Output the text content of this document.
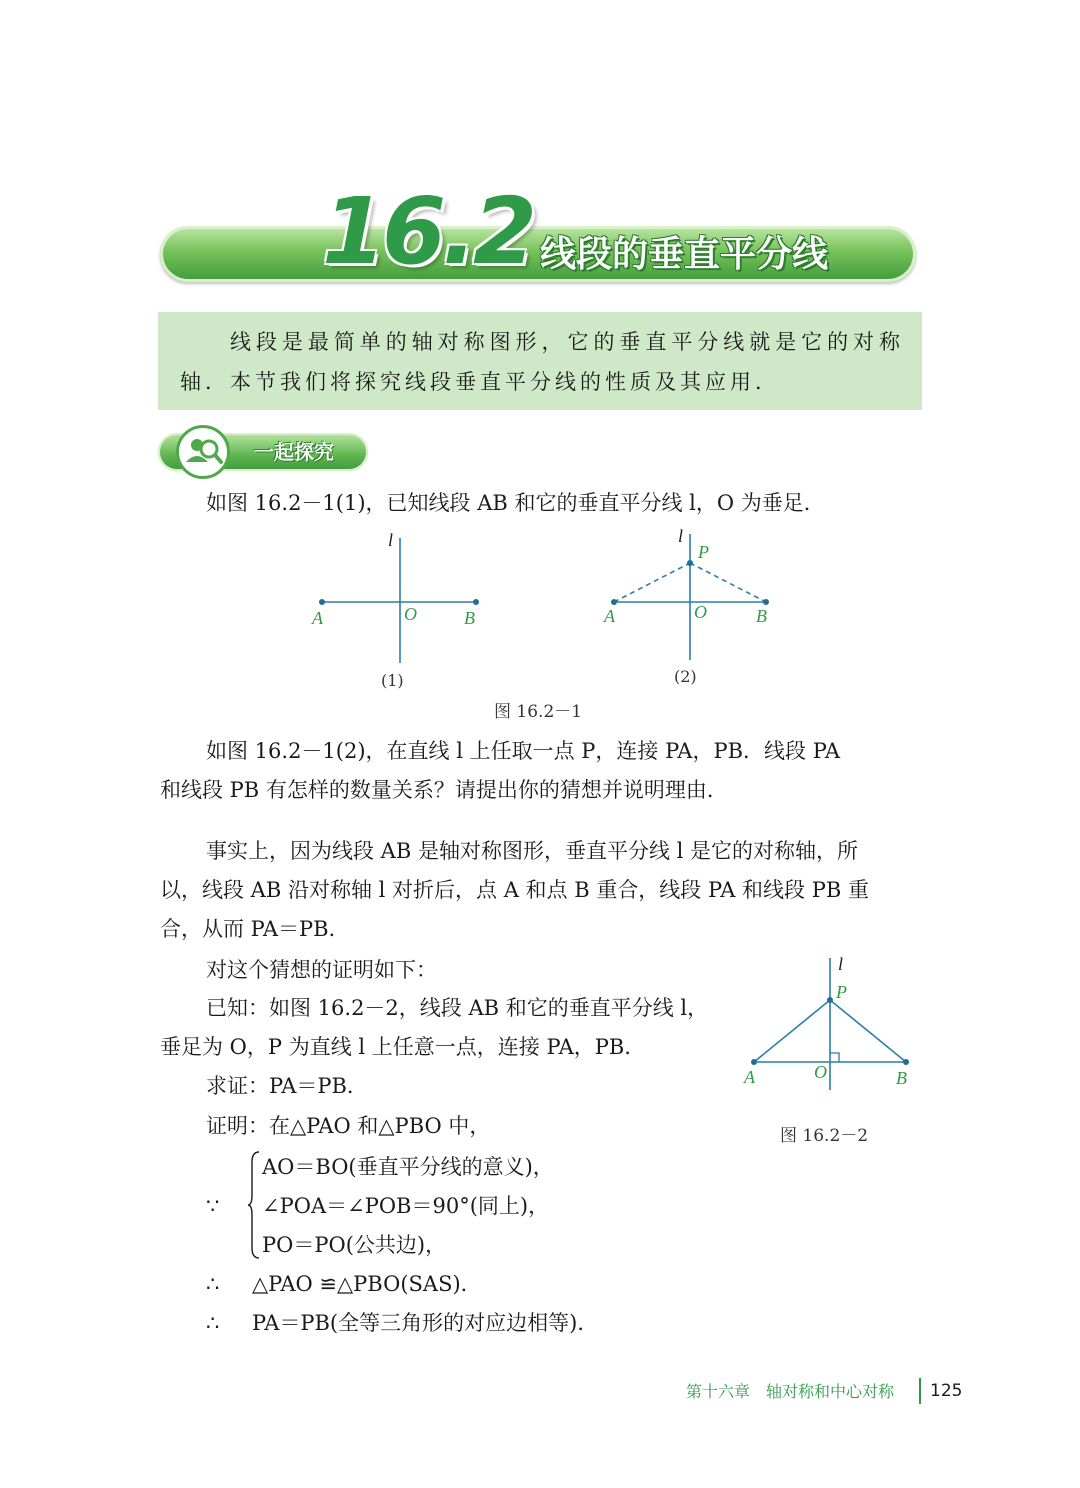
16.2 线段的垂直平分线
线段是最简单的轴对称图形，它的垂直平分线就是它的对称轴．本节我们将探究线段垂直平分线的性质及其应用．
一起探究
如图 16.2－1(1)，已知线段 AB 和它的垂直平分线 l，O 为垂足．
l
A	O	B
(1)
l
P
A	O	B
(2)
图 16.2－1
如图 16.2－1(2)，在直线 l 上任取一点 P，连接 PA，PB．线段 PA
和线段 PB 有怎样的数量关系？请提出你的猜想并说明理由．
事实上，因为线段 AB 是轴对称图形，垂直平分线 l 是它的对称轴，所
以，线段 AB 沿对称轴 l 对折后，点 A 和点 B 重合，线段 PA 和线段 PB 重
合，从而 PA＝PB．
对这个猜想的证明如下：
已知：如图 16.2－2，线段 AB 和它的垂直平分线 l，
垂足为 O，P 为直线 l 上任意一点，连接 PA，PB．
求证：PA＝PB．
证明：在△PAO 和△PBO 中，
∵
AO＝BO(垂直平分线的意义)，
∠POA＝∠POB＝90°(同上)，
PO＝PO(公共边)，
∴ △PAO ≌△PBO(SAS)．
∴ PA＝PB(全等三角形的对应边相等)．
l
P
A	O	B
图 16.2－2
第十六章　轴对称和中心对称 125
